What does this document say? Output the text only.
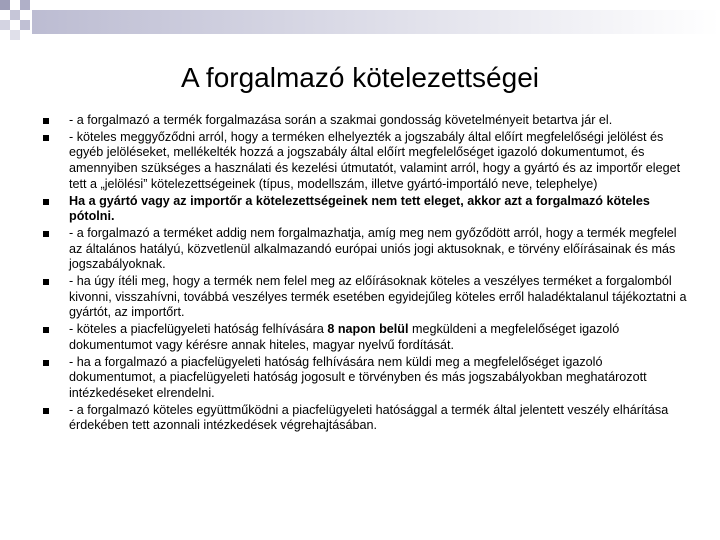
A forgalmazó kötelezettségei
- a forgalmazó a termék forgalmazása során a szakmai gondosság követelményeit betartva jár el.
- köteles meggyőződni arról, hogy a terméken elhelyezték a jogszabály által előírt megfelelőségi jelölést és egyéb jelöléseket, mellékelték hozzá a jogszabály által előírt megfelelőséget igazoló dokumentumot, és amennyiben szükséges a használati és kezelési útmutatót, valamint arról, hogy a gyártó és az importőr eleget tett a „jelölési” kötelezettségeinek (típus, modellszám, illetve gyártó-importáló neve, telephelye)
Ha a gyártó vagy az importőr a kötelezettségeinek nem tett eleget, akkor azt a forgalmazó köteles pótolni.
- a forgalmazó a terméket addig nem forgalmazhatja, amíg meg nem győződött arról, hogy a termék megfelel az általános hatályú, közvetlenül alkalmazandó európai uniós jogi aktusoknak, e törvény előírásainak és más jogszabályoknak.
- ha úgy ítéli meg, hogy a termék nem felel meg az előírásoknak köteles a veszélyes terméket a forgalomból kivonni, visszahívni, továbbá veszélyes termék esetében egyidejűleg köteles erről haladéktalanul tájékoztatni a gyártót, az importőrt.
- köteles a piacfelügyeleti hatóság felhívására 8 napon belül megküldeni a megfelelőséget igazoló dokumentumot vagy kérésre annak hiteles, magyar nyelvű fordítását.
- ha a forgalmazó a piacfelügyeleti hatóság felhívására nem küldi meg a megfelelőséget igazoló dokumentumot, a piacfelügyeleti hatóság jogosult e törvényben és más jogszabályokban meghatározott intézkedéseket elrendelni.
- a forgalmazó köteles együttműködni a piacfelügyeleti hatósággal a termék által jelentett veszély elhárítása érdekében tett azonnali intézkedések végrehajtásában.
